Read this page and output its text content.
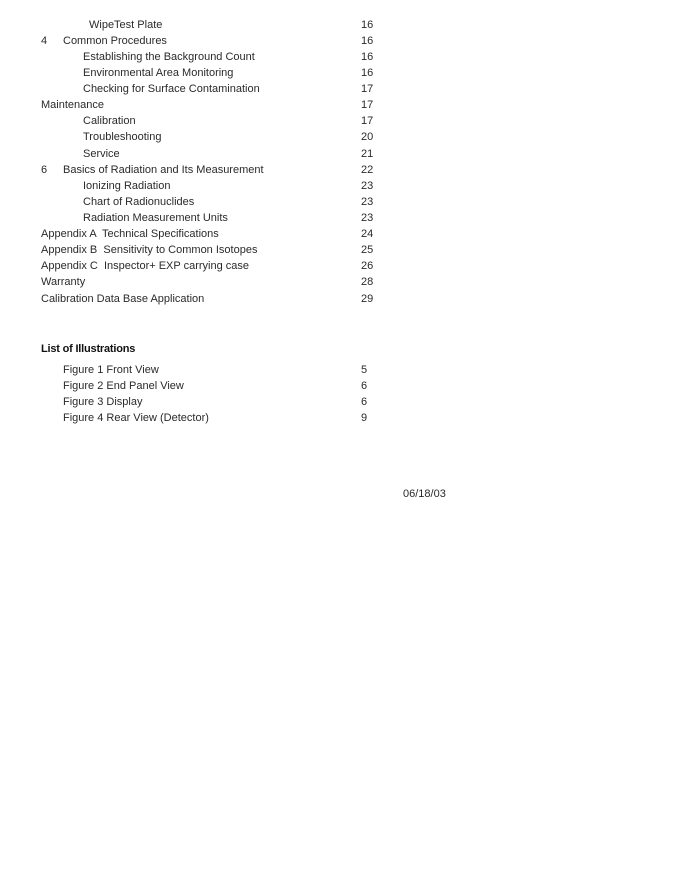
WipeTest Plate	16
4 Common Procedures	16
Establishing the Background Count	16
Environmental Area Monitoring	16
Checking for Surface Contamination	17
Maintenance	17
Calibration	17
Troubleshooting	20
Service	21
6 Basics of Radiation and Its Measurement	22
Ionizing Radiation	23
Chart of Radionuclides	23
Radiation Measurement Units	23
Appendix A  Technical Specifications	24
Appendix B  Sensitivity to Common Isotopes	25
Appendix C  Inspector+ EXP carrying case	26
Warranty	28
Calibration Data Base Application	29
List of Illustrations
Figure 1 Front View	5
Figure 2 End Panel View	6
Figure 3 Display	6
Figure 4 Rear View (Detector)	9
06/18/03
